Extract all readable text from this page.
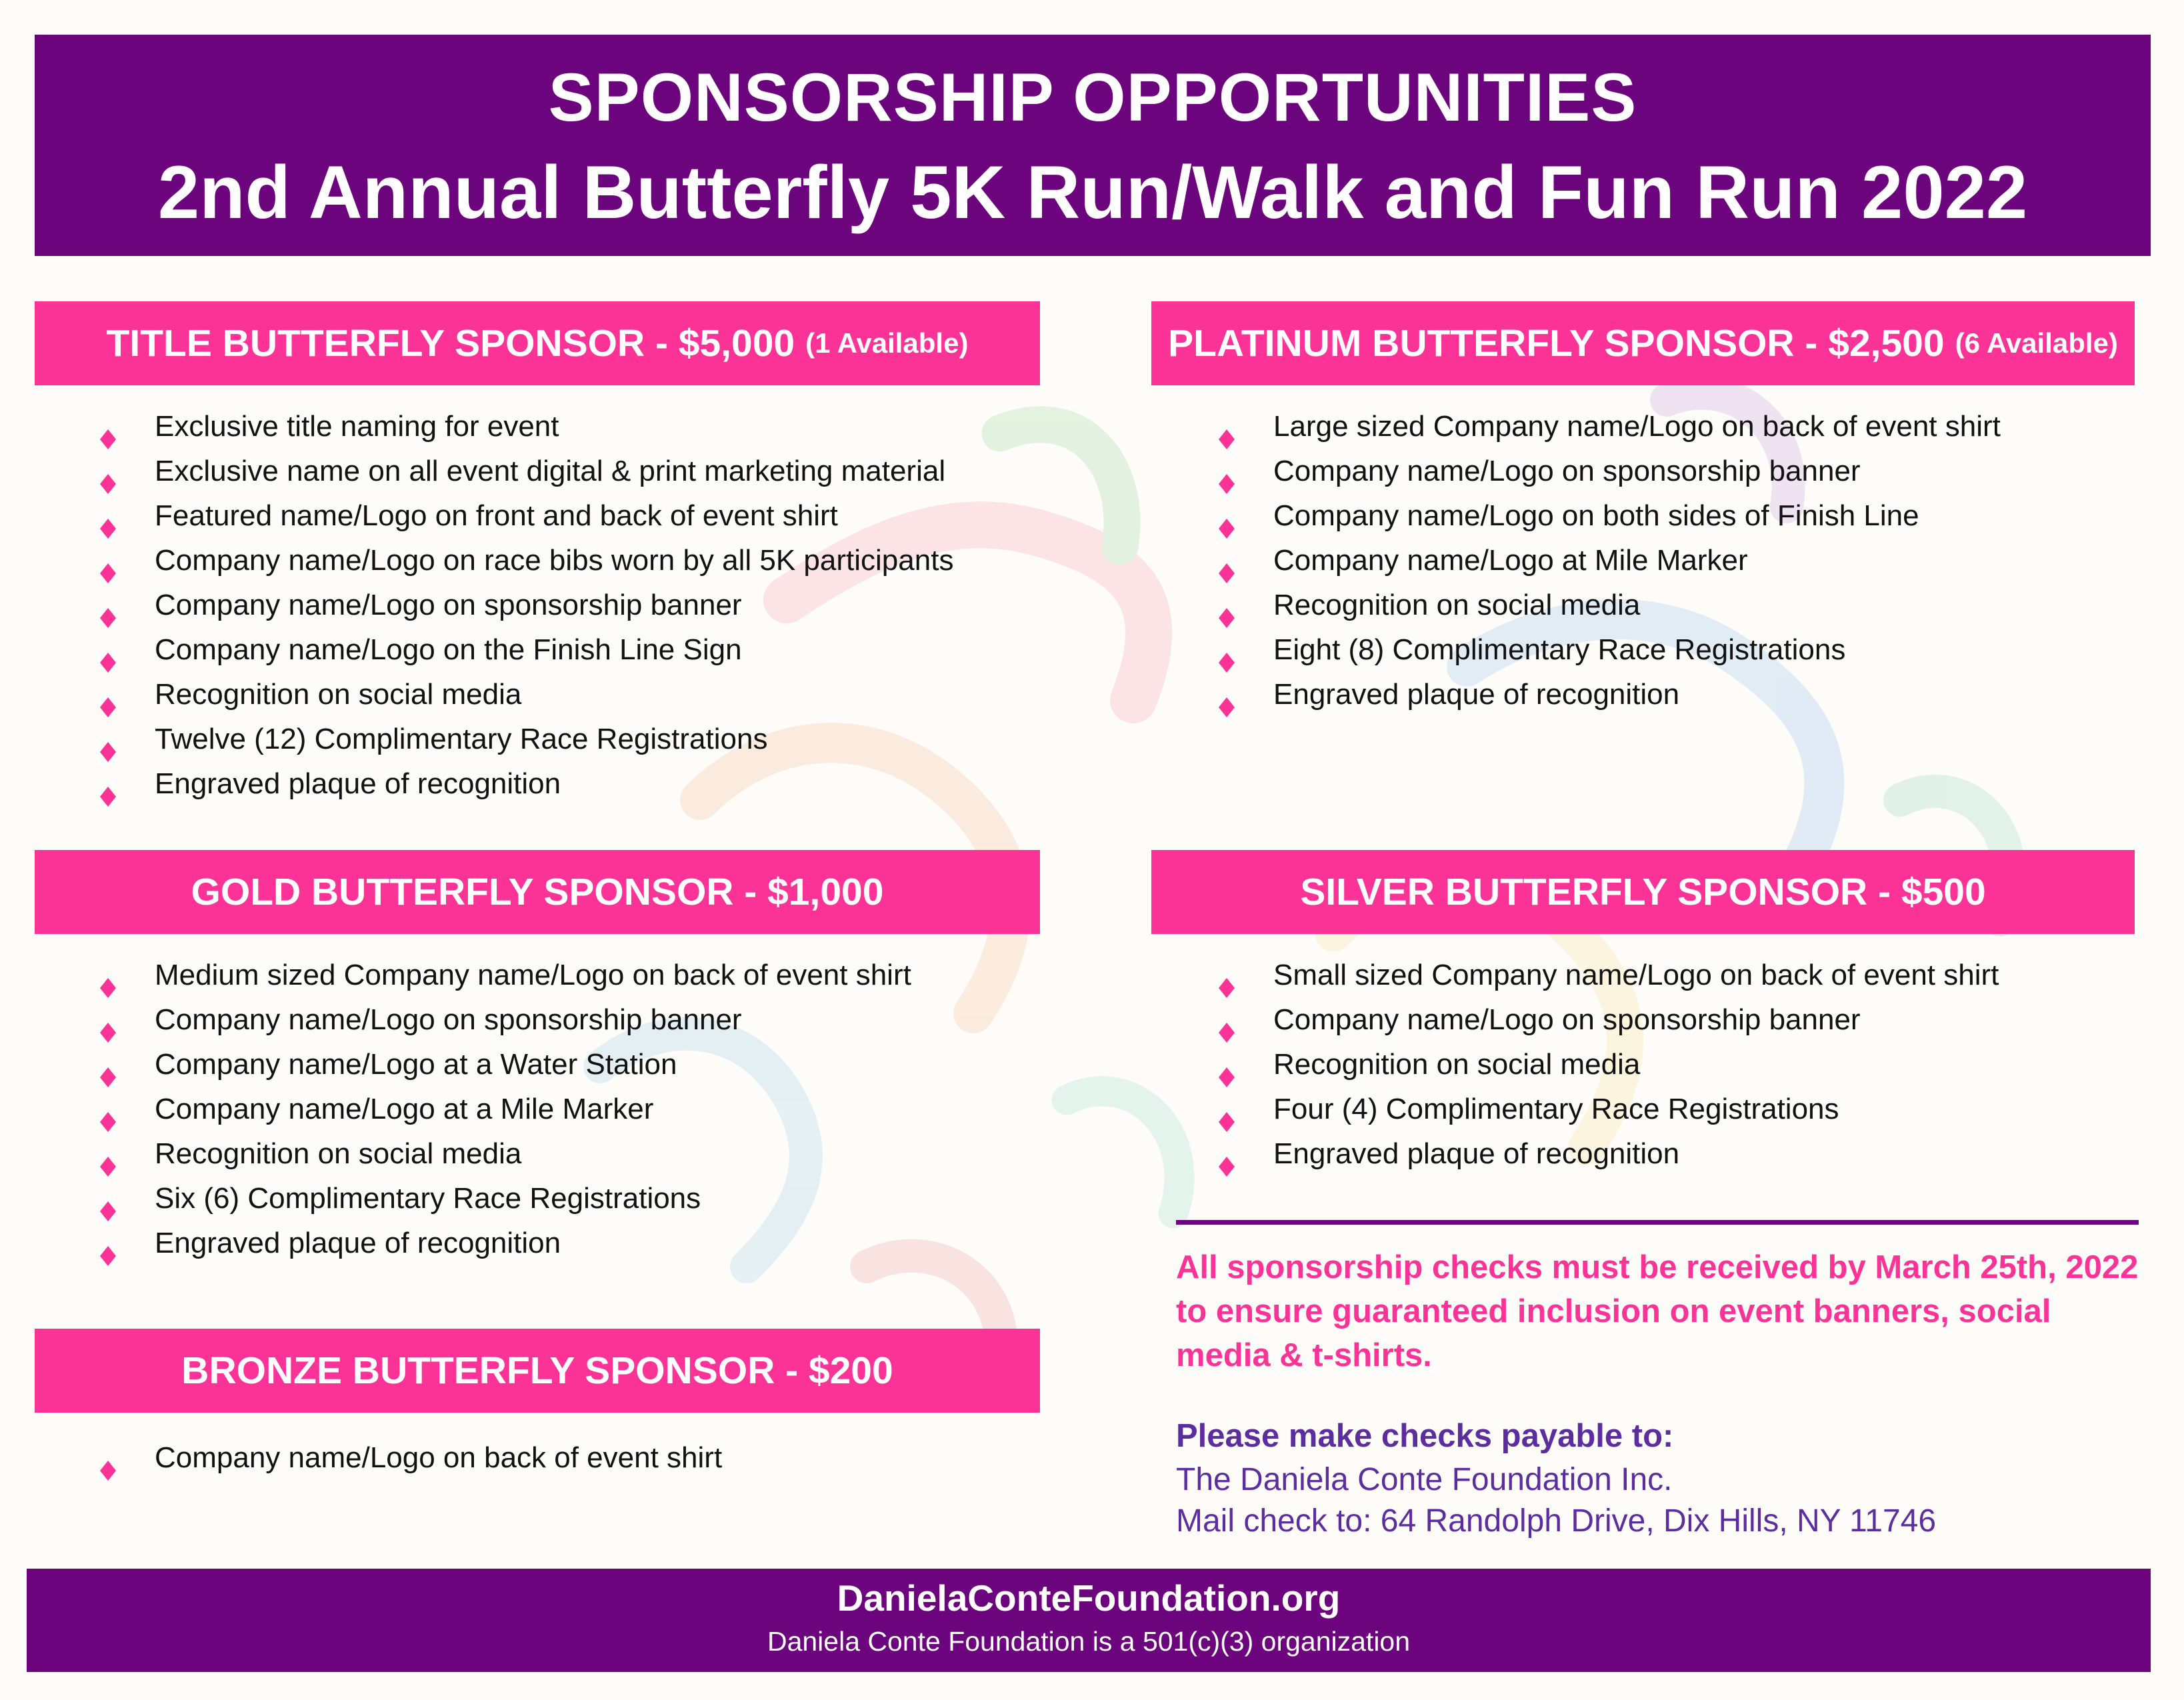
SPONSORSHIP OPPORTUNITIES
2nd Annual Butterfly 5K Run/Walk and Fun Run 2022
TITLE BUTTERFLY SPONSOR - $5,000 (1 Available)
Exclusive title naming for event
Exclusive name on all event digital & print marketing material
Featured name/Logo on front and back of event shirt
Company name/Logo on race bibs worn by all 5K participants
Company name/Logo on sponsorship banner
Company name/Logo on the Finish Line Sign
Recognition on social media
Twelve (12) Complimentary Race Registrations
Engraved plaque of recognition
PLATINUM BUTTERFLY SPONSOR - $2,500 (6 Available)
Large sized Company name/Logo on back of event shirt
Company name/Logo on sponsorship banner
Company name/Logo on both sides of Finish Line
Company name/Logo at Mile Marker
Recognition on social media
Eight (8) Complimentary Race Registrations
Engraved plaque of recognition
GOLD BUTTERFLY SPONSOR - $1,000
Medium sized Company name/Logo on back of event shirt
Company name/Logo on sponsorship banner
Company name/Logo at a Water Station
Company name/Logo at a Mile Marker
Recognition on social media
Six (6) Complimentary Race Registrations
Engraved plaque of recognition
SILVER BUTTERFLY SPONSOR - $500
Small sized Company name/Logo on back of event shirt
Company name/Logo on sponsorship banner
Recognition on social media
Four (4) Complimentary Race Registrations
Engraved plaque of recognition
BRONZE BUTTERFLY SPONSOR - $200
Company name/Logo on back of event shirt
All sponsorship checks must be received by March 25th, 2022
to ensure guaranteed inclusion on event banners, social
media & t-shirts.
Please make checks payable to:
The Daniela Conte Foundation Inc.
Mail check to: 64 Randolph Drive, Dix Hills, NY 11746
DanielaConteFoundation.org
Daniela Conte Foundation is a 501(c)(3) organization
